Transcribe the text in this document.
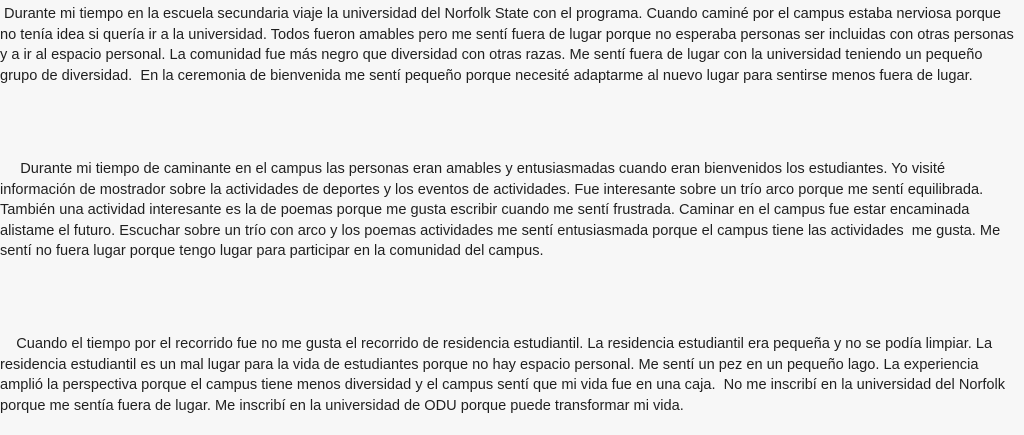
Durante mi tiempo en la escuela secundaria viaje la universidad del Norfolk State con el programa. Cuando caminé por el campus estaba nerviosa porque no tenía idea si quería ir a la universidad. Todos fueron amables pero me sentí fuera de lugar porque no esperaba personas ser incluidas con otras personas y a ir al espacio personal. La comunidad fue más negro que diversidad con otras razas. Me sentí fuera de lugar con la universidad teniendo un pequeño grupo de diversidad.  En la ceremonia de bienvenida me sentí pequeño porque necesité adaptarme al nuevo lugar para sentirse menos fuera de lugar.

Durante mi tiempo de caminante en el campus las personas eran amables y entusiasmadas cuando eran bienvenidos los estudiantes. Yo visité información de mostrador sobre la actividades de deportes y los eventos de actividades. Fue interesante sobre un trío arco porque me sentí equilibrada. También una actividad interesante es la de poemas porque me gusta escribir cuando me sentí frustrada. Caminar en el campus fue estar encaminada alistame el futuro. Escuchar sobre un trío con arco y los poemas actividades me sentí entusiasmada porque el campus tiene las actividades  me gusta. Me sentí no fuera lugar porque tengo lugar para participar en la comunidad del campus.

Cuando el tiempo por el recorrido fue no me gusta el recorrido de residencia estudiantil. La residencia estudiantil era pequeña y no se podía limpiar. La residencia estudiantil es un mal lugar para la vida de estudiantes porque no hay espacio personal. Me sentí un pez en un pequeño lago. La experiencia amplió la perspectiva porque el campus tiene menos diversidad y el campus sentí que mi vida fue en una caja.  No me inscribí en la universidad del Norfolk porque me sentía fuera de lugar. Me inscribí en la universidad de ODU porque puede transformar mi vida.
